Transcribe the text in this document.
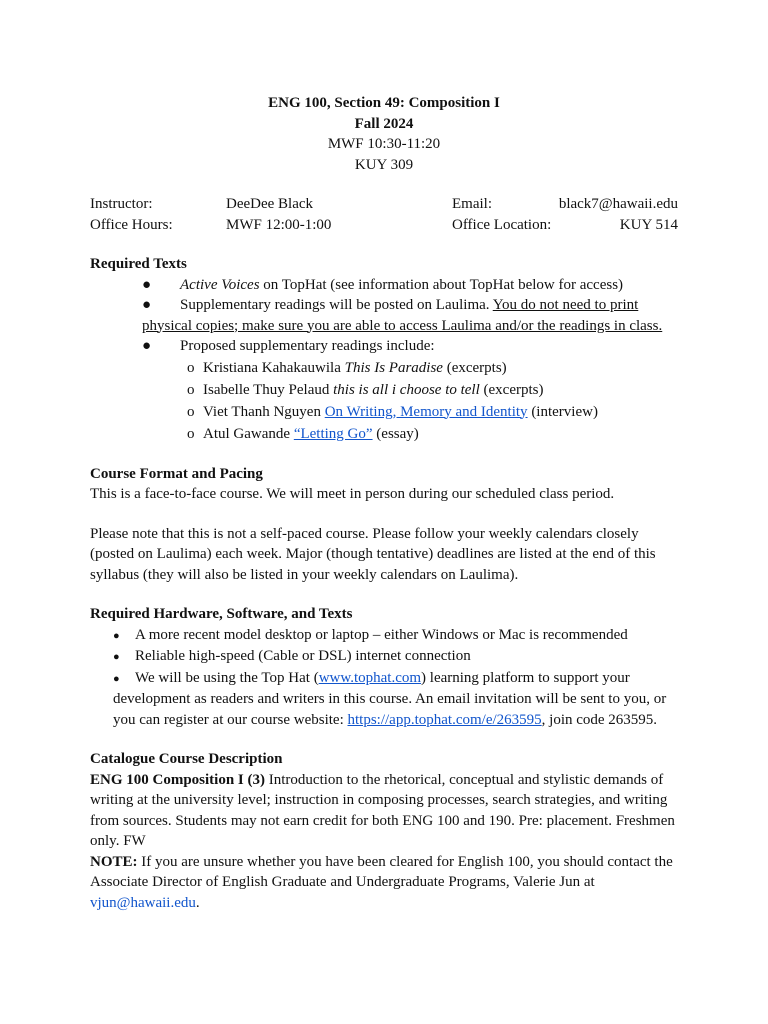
ENG 100, Section 49: Composition I
Fall 2024
MWF 10:30-11:20
KUY 309
Instructor:	DeeDee Black	Email:	black7@hawaii.edu
Office Hours:	MWF 12:00-1:00	Office Location:	KUY 514
Required Texts
● Active Voices on TopHat (see information about TopHat below for access)
● Supplementary readings will be posted on Laulima. You do not need to print
physical copies; make sure you are able to access Laulima and/or the readings in class.
● Proposed supplementary readings include:
o Kristiana Kahakauwila This Is Paradise (excerpts)
o Isabelle Thuy Pelaud this is all i choose to tell (excerpts)
o Viet Thanh Nguyen On Writing, Memory and Identity (interview)
o Atul Gawande “Letting Go” (essay)
Course Format and Pacing
This is a face-to-face course. We will meet in person during our scheduled class period.
Please note that this is not a self-paced course. Please follow your weekly calendars closely
(posted on Laulima) each week. Major (though tentative) deadlines are listed at the end of this
syllabus (they will also be listed in your weekly calendars on Laulima).
Required Hardware, Software, and Texts
● A more recent model desktop or laptop – either Windows or Mac is recommended
● Reliable high-speed (Cable or DSL) internet connection
● We will be using the Top Hat (www.tophat.com) learning platform to support your
development as readers and writers in this course. An email invitation will be sent to you, or
you can register at our course website: https://app.tophat.com/e/263595, join code 263595.
Catalogue Course Description
ENG 100 Composition I (3) Introduction to the rhetorical, conceptual and stylistic demands of
writing at the university level; instruction in composing processes, search strategies, and writing
from sources. Students may not earn credit for both ENG 100 and 190. Pre: placement. Freshmen
only. FW
NOTE: If you are unsure whether you have been cleared for English 100, you should contact the
Associate Director of English Graduate and Undergraduate Programs, Valerie Jun at
vjun@hawaii.edu.
